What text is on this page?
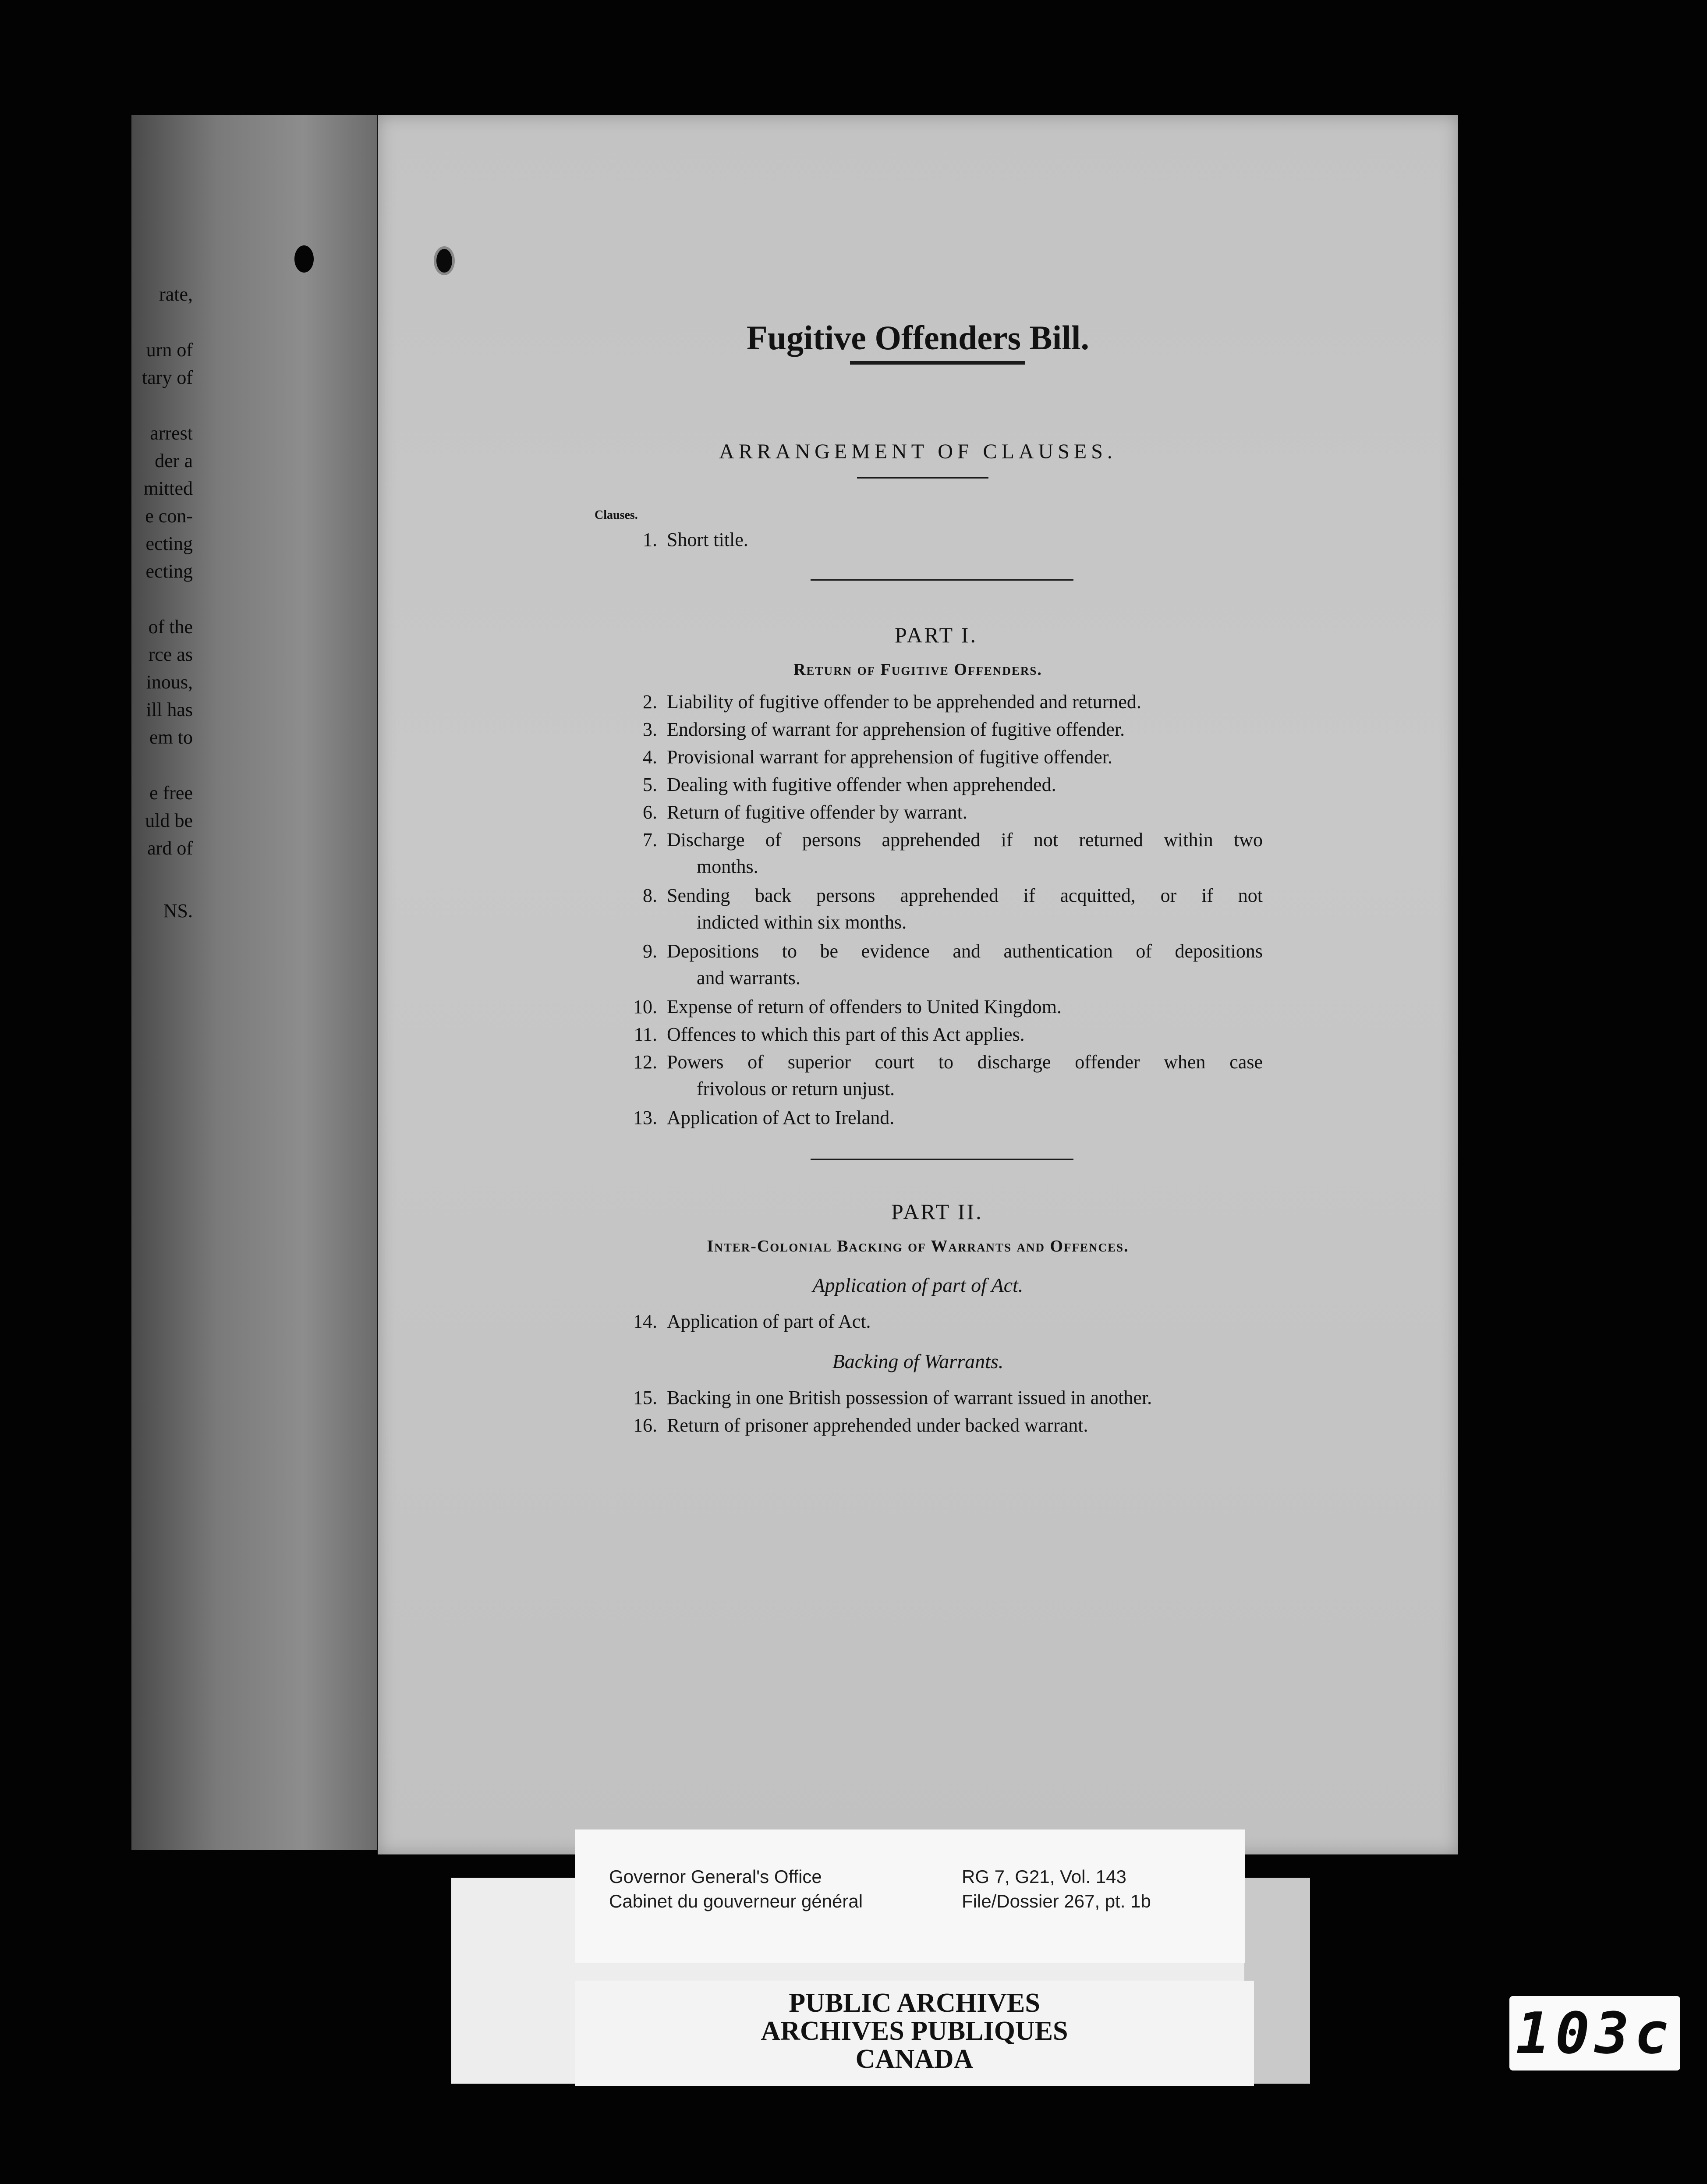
rate,
urn of
tary of
arrest
der a
mitted
e con-
ecting
ecting
of the
rce as
inous,
ill has
em to
e free
uld be
ard of
NS.
Fugitive Offenders Bill.
ARRANGEMENT OF CLAUSES.
Clauses.
1. Short title.
PART I.
Return of Fugitive Offenders.
2. Liability of fugitive offender to be apprehended and returned.
3. Endorsing of warrant for apprehension of fugitive offender.
4. Provisional warrant for apprehension of fugitive offender.
5. Dealing with fugitive offender when apprehended.
6. Return of fugitive offender by warrant.
7. Discharge of persons apprehended if not returned within two
months.
8. Sending back persons apprehended if acquitted, or if not
indicted within six months.
9. Depositions to be evidence and authentication of depositions
and warrants.
10. Expense of return of offenders to United Kingdom.
11. Offences to which this part of this Act applies.
12. Powers of superior court to discharge offender when case
frivolous or return unjust.
13. Application of Act to Ireland.
PART II.
Inter-Colonial Backing of Warrants and Offences.
Application of part of Act.
14. Application of part of Act.
Backing of Warrants.
15. Backing in one British possession of warrant issued in another.
16. Return of prisoner apprehended under backed warrant.
Governor General's Office
Cabinet du gouverneur général
RG 7, G21, Vol. 143
File/Dossier 267, pt. 1b
PUBLIC ARCHIVES
ARCHIVES PUBLIQUES
CANADA	103c
